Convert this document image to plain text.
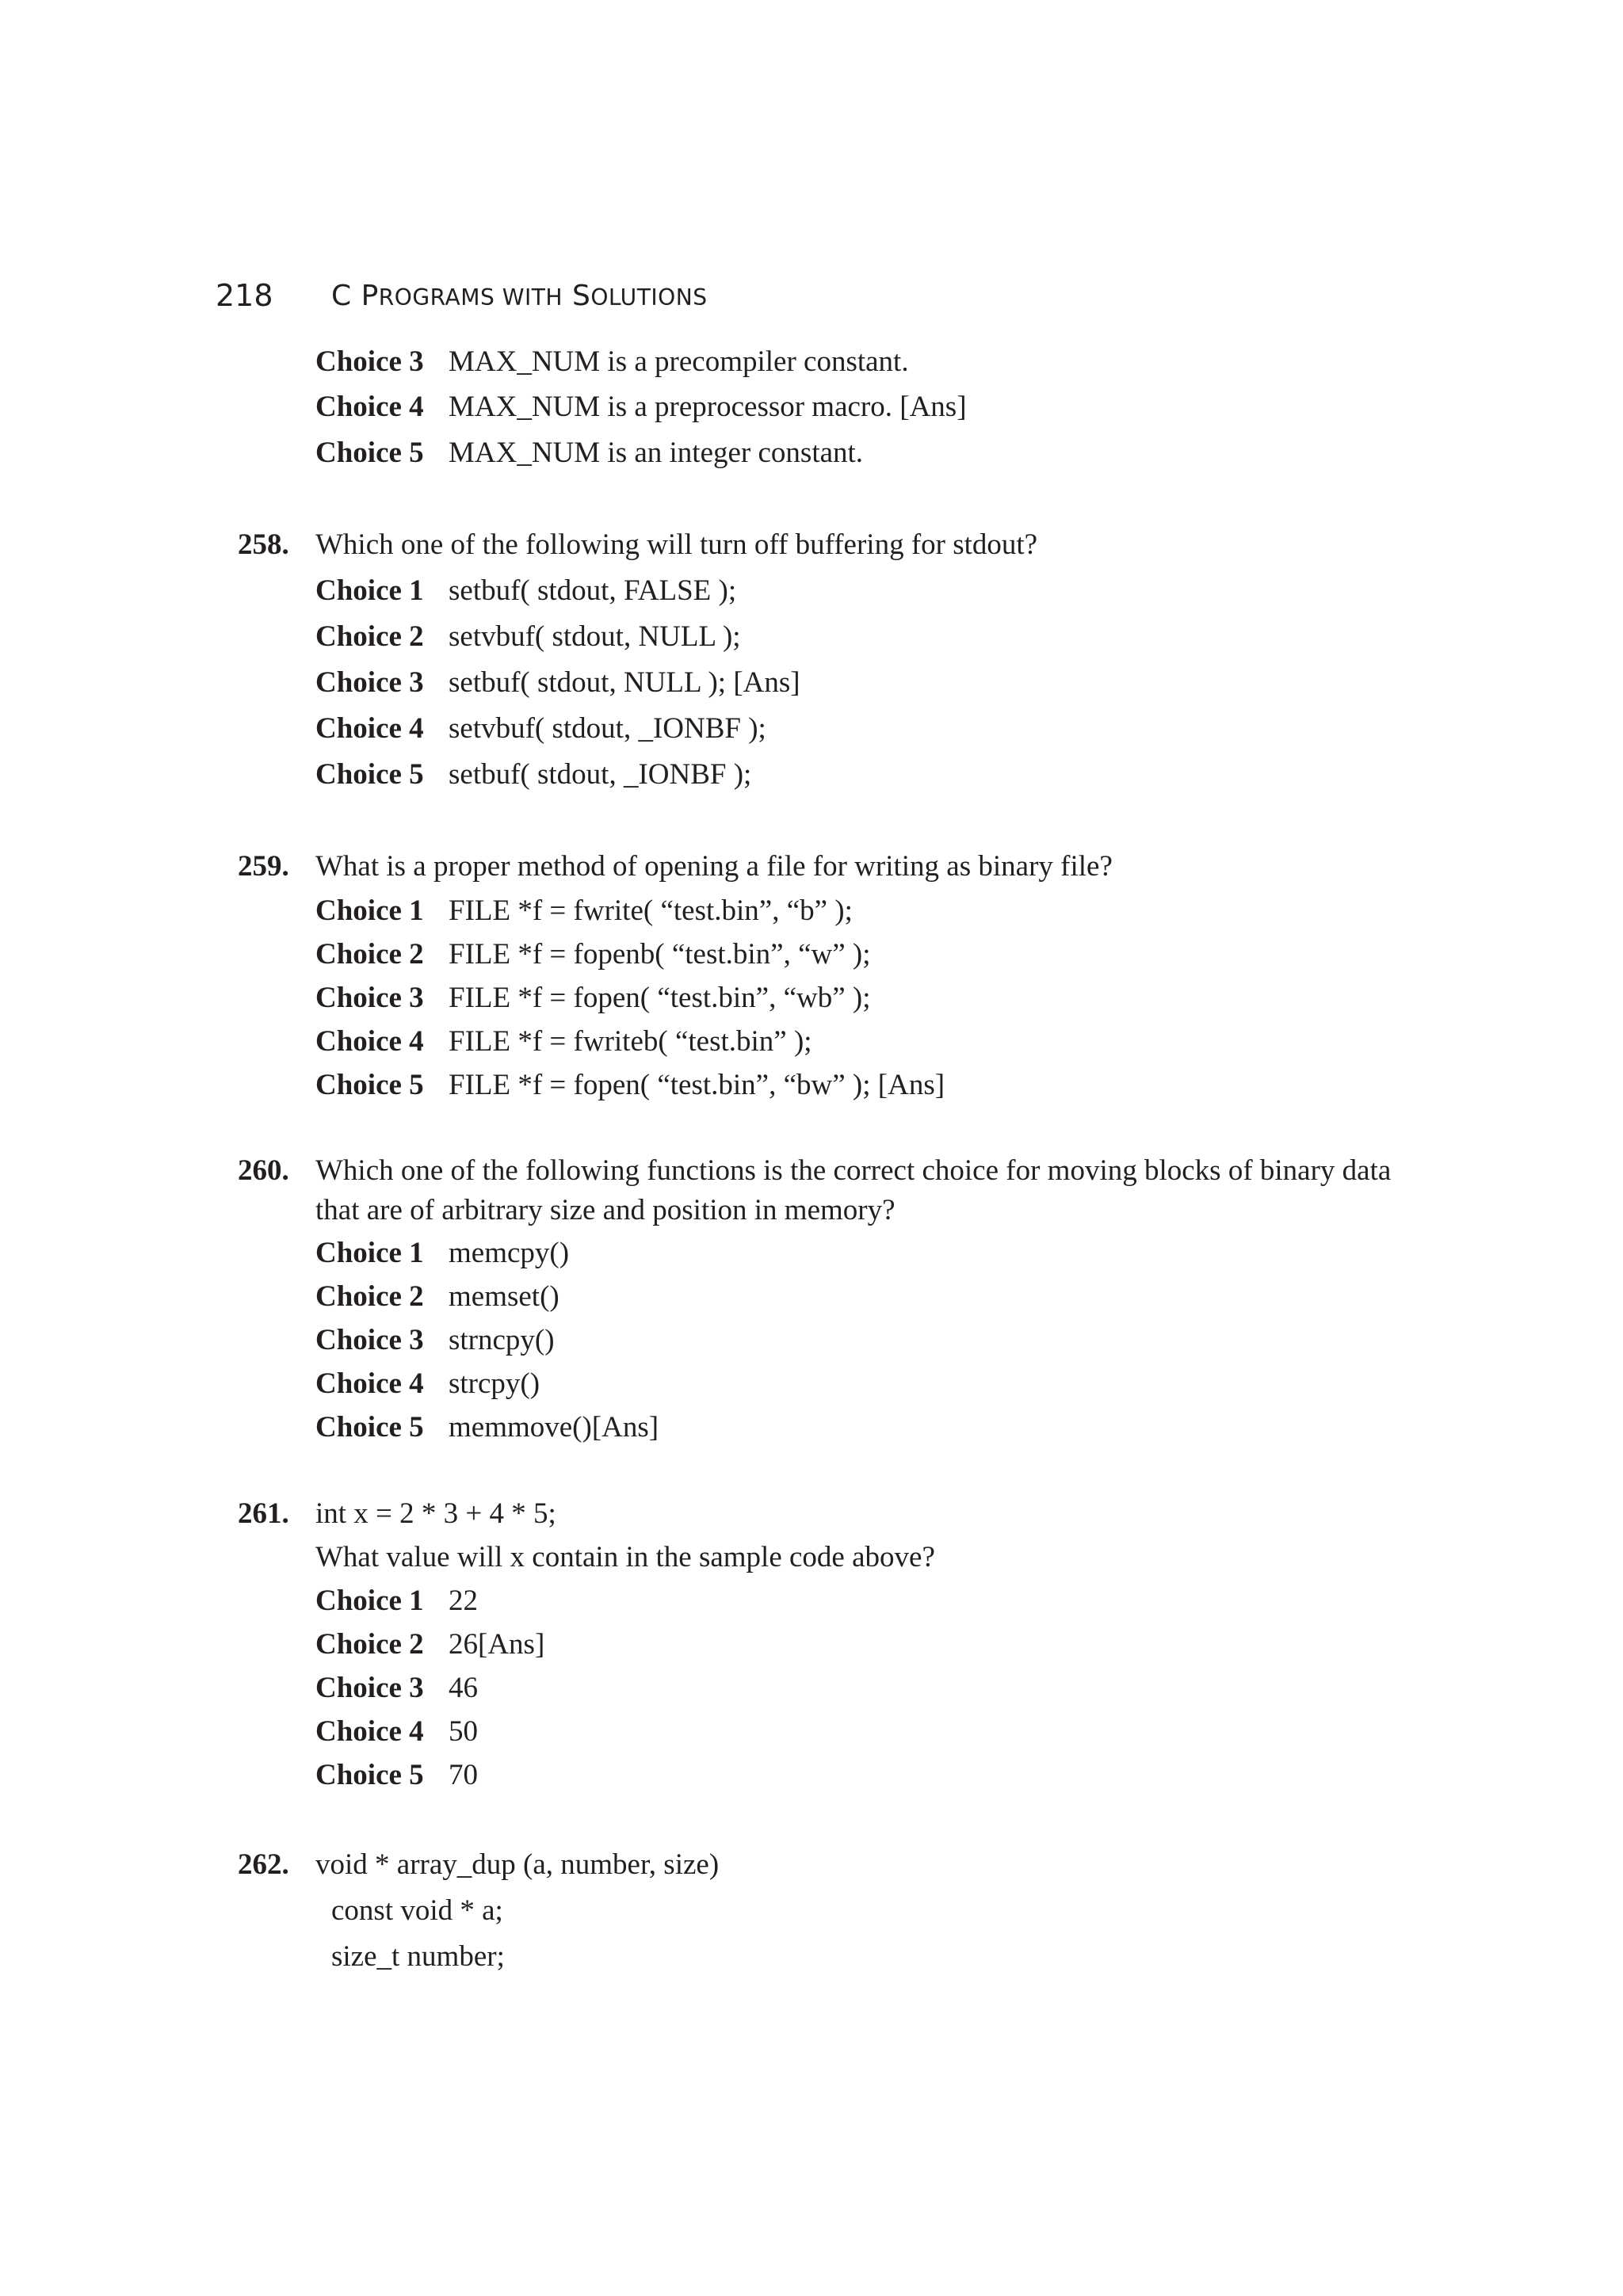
218	C PROGRAMS WITH SOLUTIONS
Choice 3 MAX_NUM is a precompiler constant.
Choice 4 MAX_NUM is a preprocessor macro. [Ans]
Choice 5 MAX_NUM is an integer constant.
258. Which one of the following will turn off buffering for stdout?
Choice 1 setbuf( stdout, FALSE );
Choice 2 setvbuf( stdout, NULL );
Choice 3 setbuf( stdout, NULL ); [Ans]
Choice 4 setvbuf( stdout, _IONBF );
Choice 5 setbuf( stdout, _IONBF );
259. What is a proper method of opening a file for writing as binary file?
Choice 1 FILE *f = fwrite( “test.bin”, “b” );
Choice 2 FILE *f = fopenb( “test.bin”, “w” );
Choice 3 FILE *f = fopen( “test.bin”, “wb” );
Choice 4 FILE *f = fwriteb( “test.bin” );
Choice 5 FILE *f = fopen( “test.bin”, “bw” ); [Ans]
260. Which one of the following functions is the correct choice for moving blocks of binary data
that are of arbitrary size and position in memory?
Choice 1 memcpy()
Choice 2 memset()
Choice 3 strncpy()
Choice 4 strcpy()
Choice 5 memmove()[Ans]
261. int x = 2 * 3 + 4 * 5;
What value will x contain in the sample code above?
Choice 1 22
Choice 2 26[Ans]
Choice 3 46
Choice 4 50
Choice 5 70
262. void * array_dup (a, number, size)
const void * a;
size_t number;
